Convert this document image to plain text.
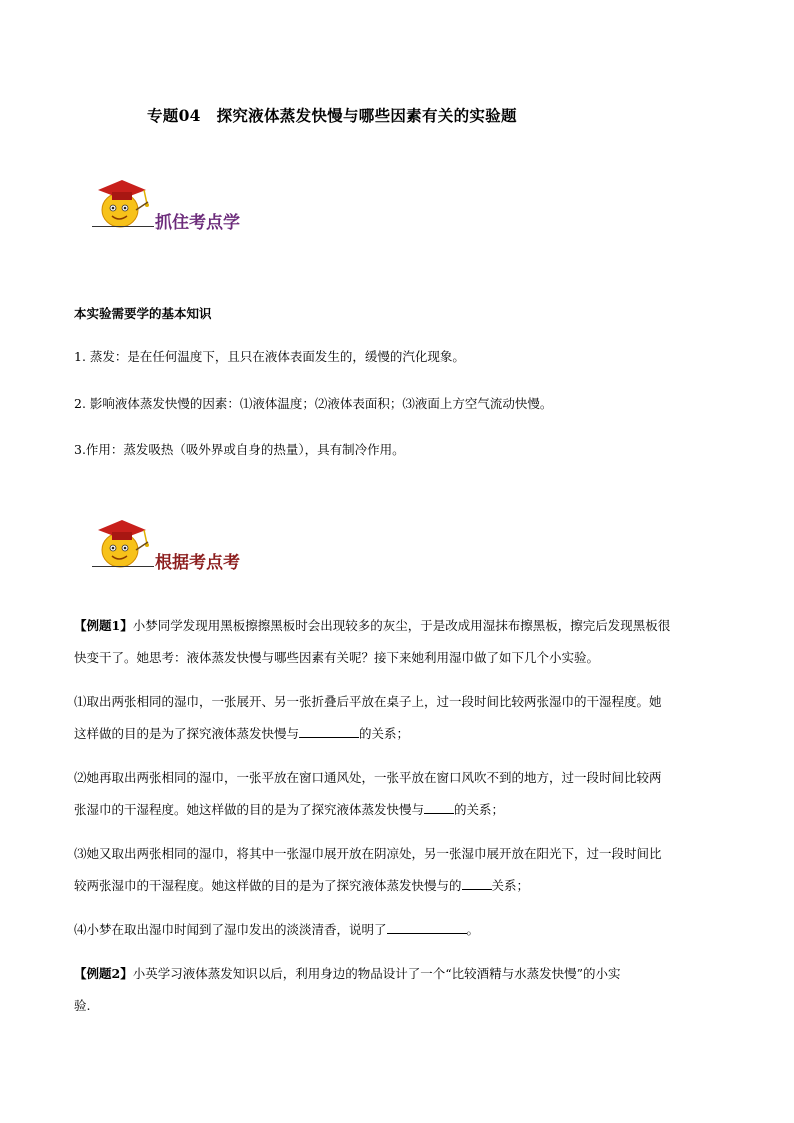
专题04　探究液体蒸发快慢与哪些因素有关的实验题
抓住考点学
本实验需要学的基本知识
1. 蒸发：是在任何温度下，且只在液体表面发生的，缓慢的汽化现象。
2. 影响液体蒸发快慢的因素：⑴液体温度；⑵液体表面积；⑶液面上方空气流动快慢。
3.作用：蒸发吸热（吸外界或自身的热量），具有制冷作用。
根据考点考
【例题1】小梦同学发现用黑板擦擦黑板时会出现较多的灰尘，于是改成用湿抹布擦黑板，擦完后发现黑板很
快变干了。她思考：液体蒸发快慢与哪些因素有关呢？接下来她利用湿巾做了如下几个小实验。
⑴取出两张相同的湿巾，一张展开、另一张折叠后平放在桌子上，过一段时间比较两张湿巾的干湿程度。她
这样做的目的是为了探究液体蒸发快慢与	的关系；
⑵她再取出两张相同的湿巾，一张平放在窗口通风处，一张平放在窗口风吹不到的地方，过一段时间比较两
张湿巾的干湿程度。她这样做的目的是为了探究液体蒸发快慢与 的关系；
⑶她又取出两张相同的湿巾，将其中一张湿巾展开放在阴凉处，另一张湿巾展开放在阳光下，过一段时间比
较两张湿巾的干湿程度。她这样做的目的是为了探究液体蒸发快慢与的 关系；
⑷小梦在取出湿巾时闻到了湿巾发出的淡淡清香，说明了	。
【例题2】小英学习液体蒸发知识以后，利用身边的物品设计了一个“比较酒精与水蒸发快慢”的小实
验.
